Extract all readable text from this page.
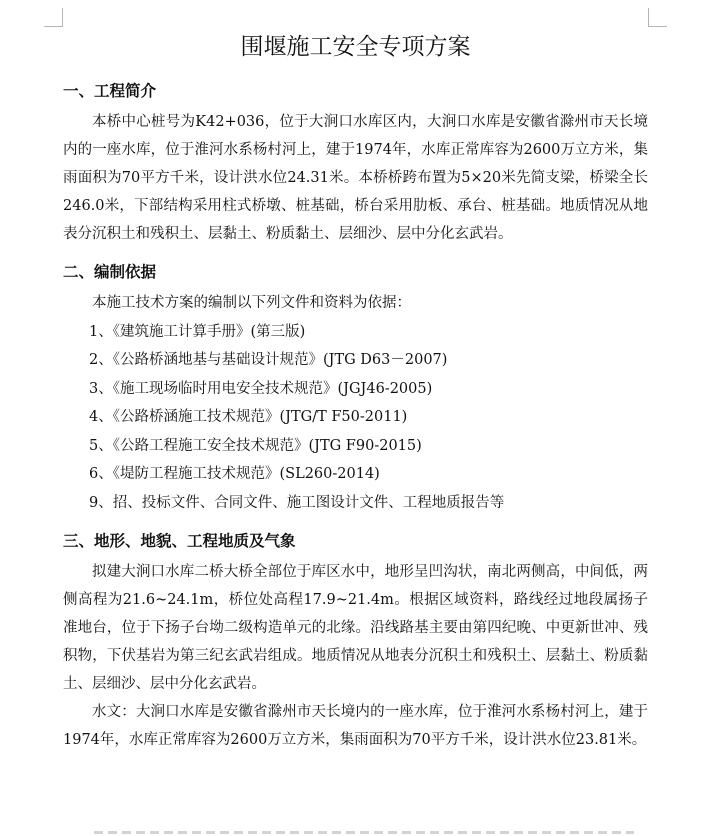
围堰施工安全专项方案
一、工程简介

本桥中心桩号为K42+036，位于大涧口水库区内，大涧口水库是安徽省滁州市天长境内的一座水库，位于淮河水系杨村河上，建于1974年，水库正常库容为2600万立方米，集雨面积为70平方千米，设计洪水位24.31米。本桥桥跨布置为5×20米先简支梁，桥梁全长246.0米，下部结构采用柱式桥墩、桩基础，桥台采用肋板、承台、桩基础。地质情况从地表分沉积土和残积土、层黏土、粉质黏土、层细沙、层中分化玄武岩。

二、编制依据

本施工技术方案的编制以下列文件和资料为依据：

1、《建筑施工计算手册》(第三版)
2、《公路桥涵地基与基础设计规范》(JTG D63－2007)
3、《施工现场临时用电安全技术规范》(JGJ46-2005)
4、《公路桥涵施工技术规范》(JTG/T F50-2011)
5、《公路工程施工安全技术规范》(JTG F90-2015)
6、《堤防工程施工技术规范》(SL260-2014)
9、招、投标文件、合同文件、施工图设计文件、工程地质报告等
三、地形、地貌、工程地质及气象

拟建大涧口水库二桥大桥全部位于库区水中，地形呈凹沟状，南北两侧高，中间低，两侧高程为21.6~24.1m，桥位处高程17.9~21.4m。根据区域资料，路线经过地段属扬子准地台，位于下扬子台坳二级构造单元的北缘。沿线路基主要由第四纪晚、中更新世冲、残积物，下伏基岩为第三纪玄武岩组成。地质情况从地表分沉积土和残积土、层黏土、粉质黏土、层细沙、层中分化玄武岩。

水文：大涧口水库是安徽省滁州市天长境内的一座水库，位于淮河水系杨村河上，建于1974年，水库正常库容为2600万立方米，集雨面积为70平方千米，设计洪水位23.81米。
